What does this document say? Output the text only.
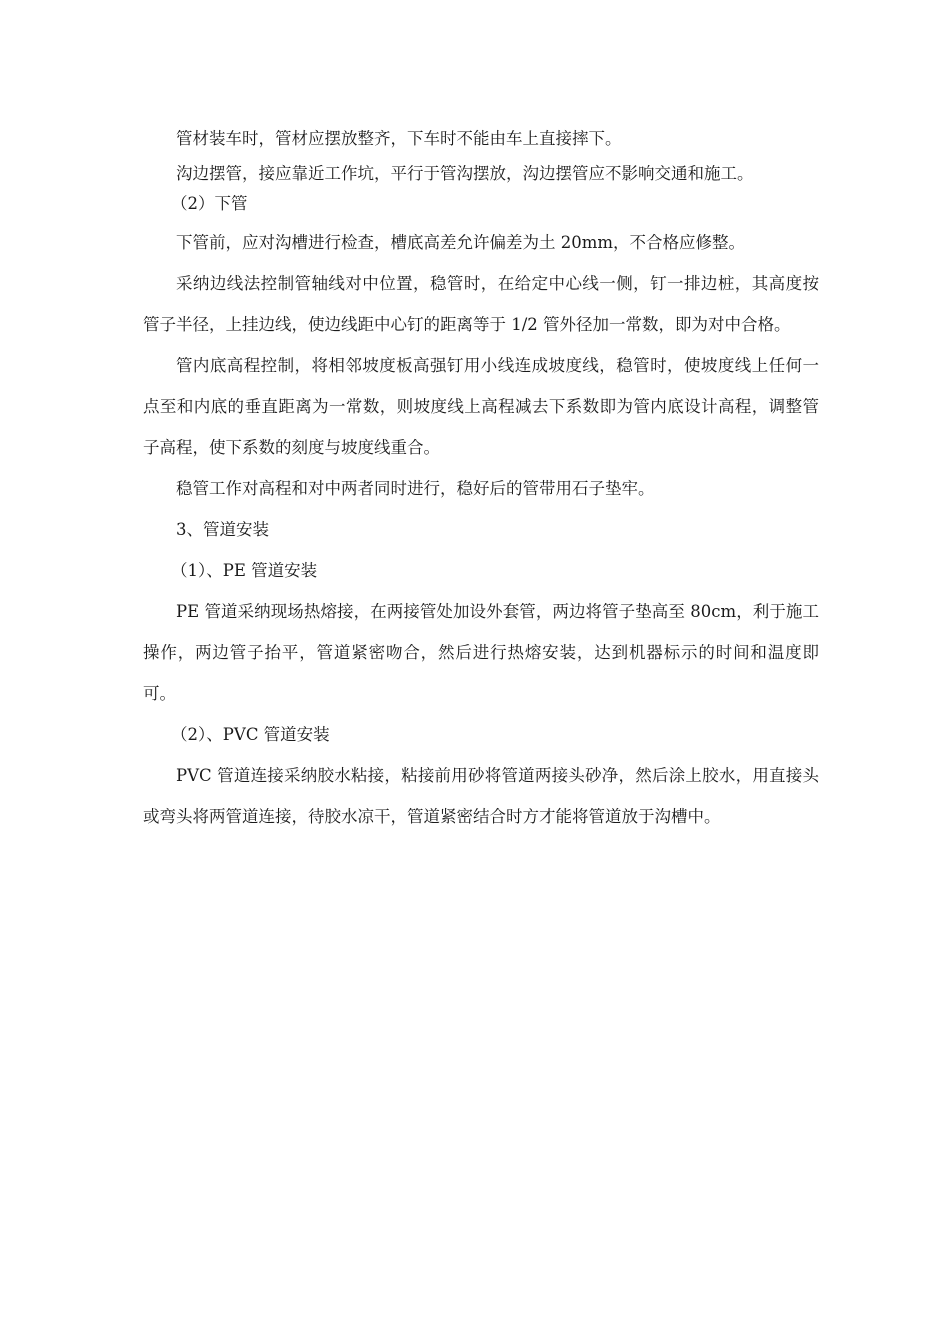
管材装车时，管材应摆放整齐，下车时不能由车上直接摔下。

沟边摆管，接应靠近工作坑，平行于管沟摆放，沟边摆管应不影响交通和施工。

（2）下管

下管前，应对沟槽进行检查，槽底高差允许偏差为土 20mm，不合格应修整。

采纳边线法控制管轴线对中位置，稳管时，在给定中心线一侧，钉一排边桩，其高度按管子半径，上挂边线，使边线距中心钉的距离等于 1/2 管外径加一常数，即为对中合格。

管内底高程控制，将相邻坡度板高强钉用小线连成坡度线，稳管时，使坡度线上任何一点至和内底的垂直距离为一常数，则坡度线上高程减去下系数即为管内底设计高程，调整管子高程，使下系数的刻度与坡度线重合。

稳管工作对高程和对中两者同时进行，稳好后的管带用石子垫牢。

3、管道安装

（1）、PE 管道安装

PE 管道采纳现场热熔接，在两接管处加设外套管，两边将管子垫高至 80cm，利于施工操作，两边管子抬平，管道紧密吻合，然后进行热熔安装，达到机器标示的时间和温度即可。

（2）、PVC 管道安装

PVC 管道连接采纳胶水粘接，粘接前用砂将管道两接头砂净，然后涂上胶水，用直接头或弯头将两管道连接，待胶水凉干，管道紧密结合时方才能将管道放于沟槽中。
